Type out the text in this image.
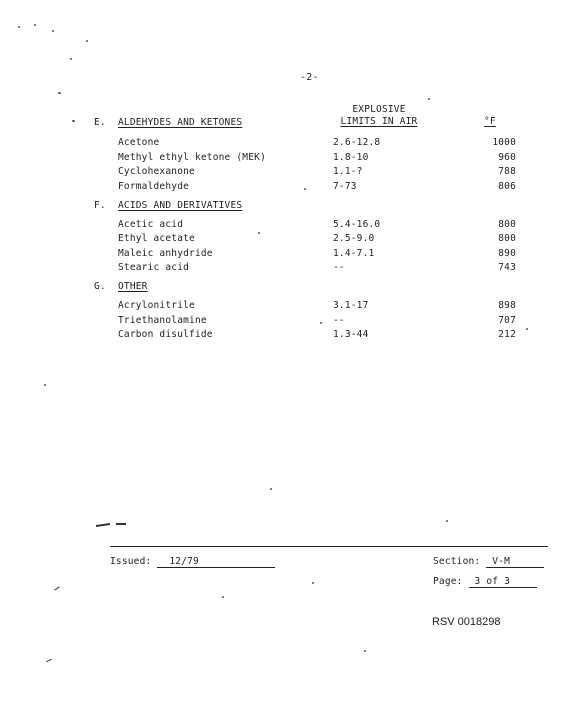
-2-
EXPLOSIVE
LIMITS IN AIR	°F
E. ALDEHYDES AND KETONES
Acetone	2.6-12.8	1000
Methyl ethyl ketone (MEK)	1.8-10	960
Cyclohexanone	1.1-?	788
Formaldehyde	7-73	806
F. ACIDS AND DERIVATIVES
Acetic acid	5.4-16.0	800
Ethyl acetate	2.5-9.0	800
Maleic anhydride	1.4-7.1	890
Stearic acid	--	743
G. OTHER
Acrylonitrile	3.1-17	898
Triethanolamine	--	707
Carbon disulfide	1.3-44	212
Issued: 12/79	Section: V-M
Page: 3 of 3
RSV 0018298
